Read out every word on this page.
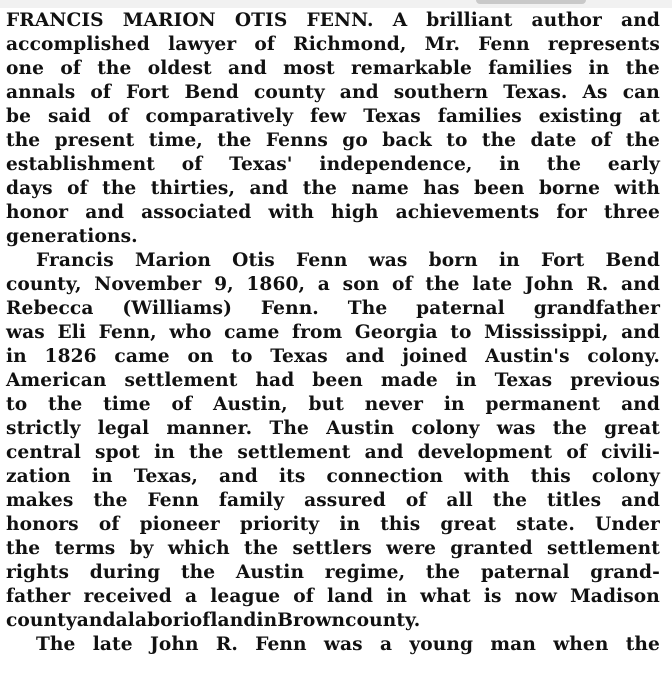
FRANCIS MARION OTIS FENN. A brilliant author and
accomplished lawyer of Richmond, Mr. Fenn represents
one of the oldest and most remarkable families in the
annals of Fort Bend county and southern Texas. As can
be said of comparatively few Texas families existing at
the present time, the Fenns go back to the date of the
establishment of Texas' independence, in the early
days of the thirties, and the name has been borne with
honor and associated with high achievements for three
generations.
Francis Marion Otis Fenn was born in Fort Bend
county, November 9, 1860, a son of the late John R. and
Rebecca (Williams) Fenn. The paternal grandfather
was Eli Fenn, who came from Georgia to Mississippi, and
in 1826 came on to Texas and joined Austin's colony.
American settlement had been made in Texas previous
to the time of Austin, but never in permanent and
strictly legal manner. The Austin colony was the great
central spot in the settlement and development of civili-
zation in Texas, and its connection with this colony
makes the Fenn family assured of all the titles and
honors of pioneer priority in this great state. Under
the terms by which the settlers were granted settlement
rights during the Austin regime, the paternal grand-
father received a league of land in what is now Madison
county and a labori of land in Brown county.
The late John R. Fenn was a young man when the
